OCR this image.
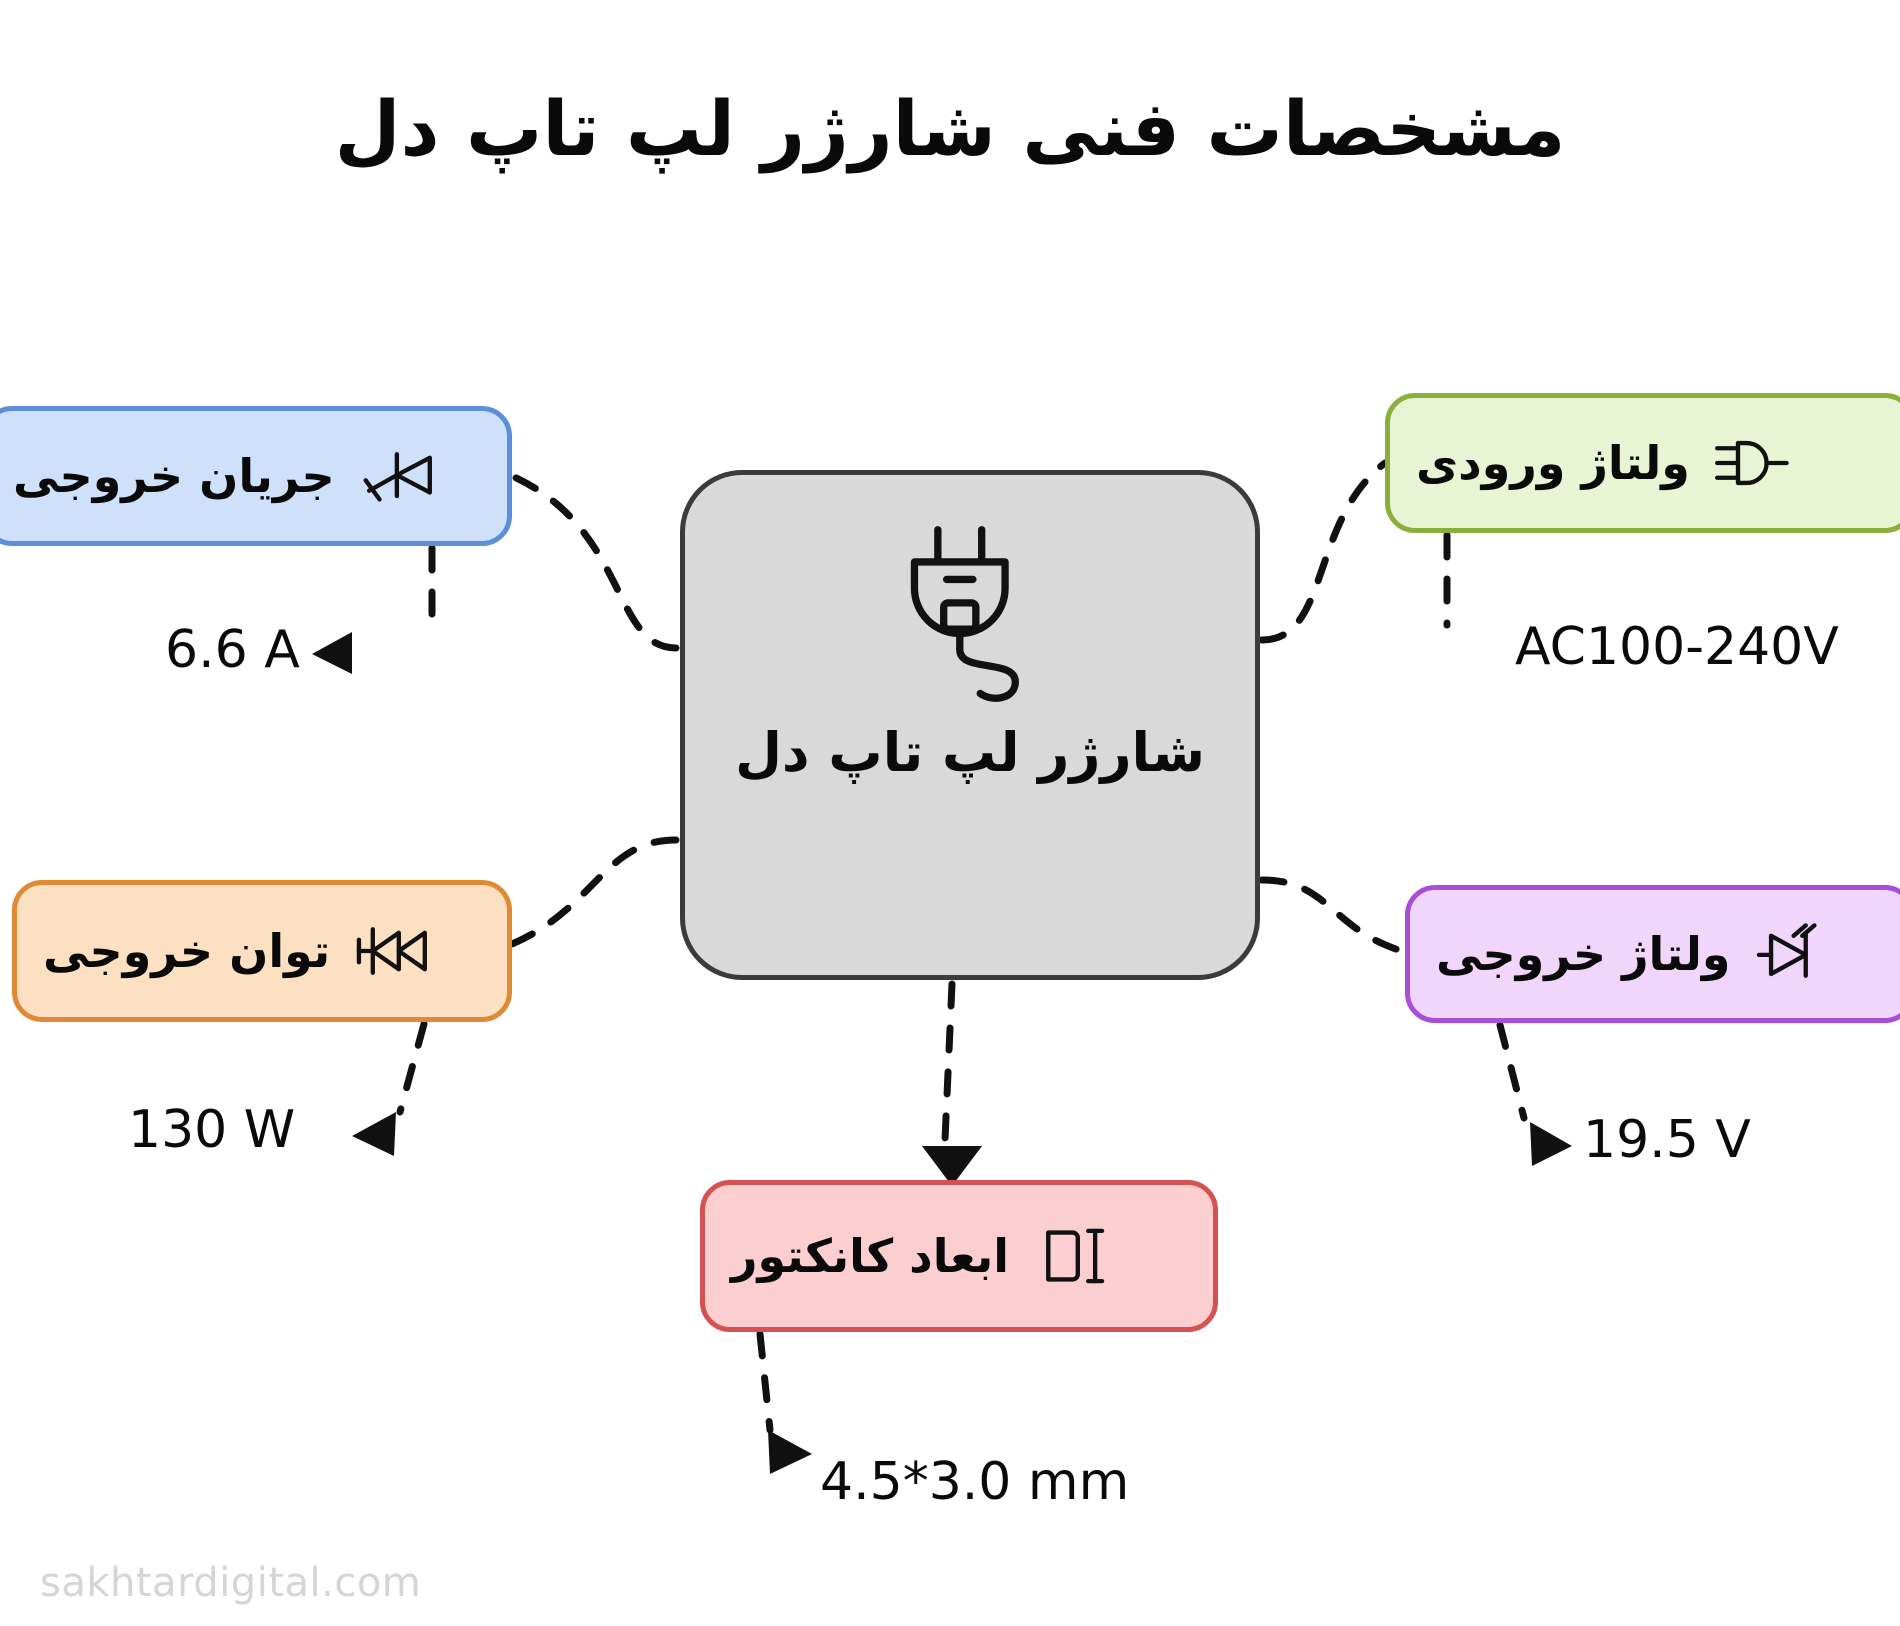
مشخصات فنی شارژر لپ تاپ دل
شارژر لپ تاپ دل
ولتاژ ورودی
AC100-240V
جریان خروجی
6.6 A
ولتاژ خروجی
19.5 V
توان خروجی
130 W
ابعاد کانکتور
4.5*3.0 mm
sakhtardigital.com
